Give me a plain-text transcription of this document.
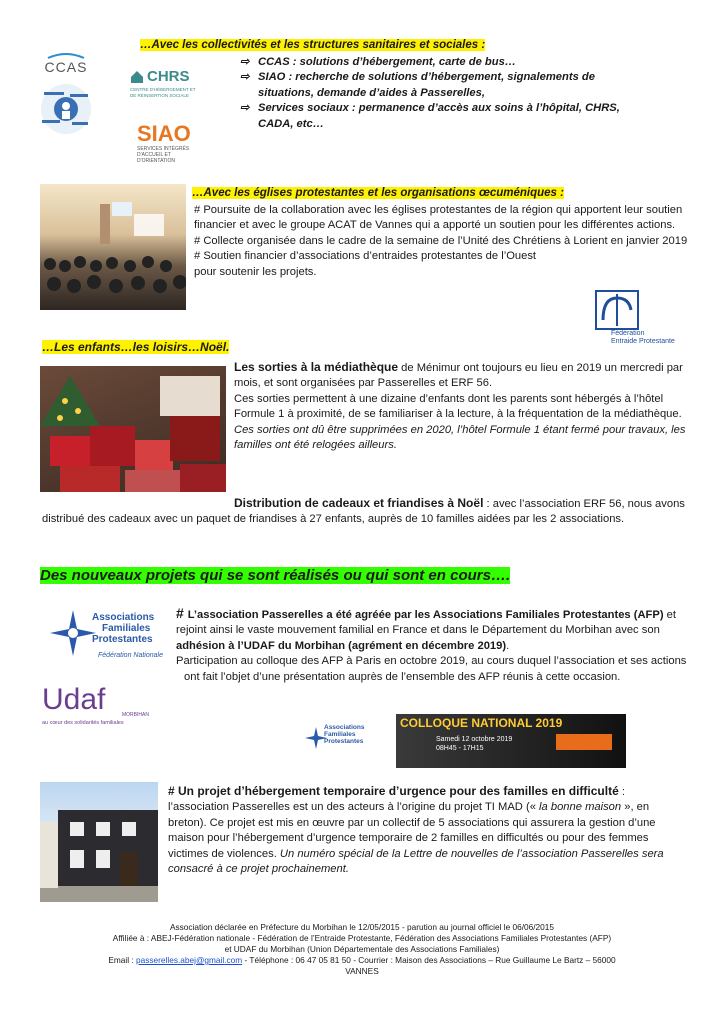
CCAS
CHRS
CENTRE D'HÉBERGEMENT ET DE RÉINSERTION SOCIALE
SIAO
SERVICES INTÉGRÉS D'ACCUEIL ET D'ORIENTATION
…Avec les collectivités et les structures sanitaires et sociales :
⇨ CCAS : solutions d’hébergement, carte de bus…
⇨ SIAO : recherche de solutions d’hébergement, signalements de situations, demande d’aides à Passerelles,
⇨ Services sociaux : permanence d’accès aux soins à l’hôpital, CHRS, CADA, etc…
…Avec les églises protestantes et les organisations œcuméniques :

# Poursuite de la collaboration avec les églises protestantes de la région qui apportent leur soutien financier et avec le groupe ACAT de Vannes qui a apporté un soutien pour les différentes actions.

# Collecte organisée dans le cadre de la semaine de l’Unité des Chrétiens à Lorient en janvier 2019

# Soutien financier d’associations d’entraides protestantes de l’Ouest pour soutenir les projets.

Fédération
Entraide Protestante
…Les enfants…les loisirs…Noël.

Les sorties à la médiathèque de Ménimur ont toujours eu lieu en 2019 un mercredi par mois, et sont organisées par Passerelles et ERF 56.

Ces sorties permettent à une dizaine d’enfants dont les parents sont hébergés à l’hôtel Formule 1 à proximité, de se familiariser à la lecture, à la fréquentation de la médiathèque.

Ces sorties ont dû être supprimées en 2020, l’hôtel Formule 1 étant fermé pour travaux, les familles ont été relogées ailleurs.

Distribution de cadeaux et friandises à Noël : avec l’association ERF 56, nous avons distribué des cadeaux avec un paquet de friandises à 27 enfants, auprès de 10 familles aidées par les 2 associations.

Des nouveaux projets qui se sont réalisés ou qui sont en cours….
Associations
Familiales
Protestantes
Fédération Nationale
Udaf	MORBIHAN
au cœur des solidarités familiales

# L’association Passerelles a été agréée par les Associations Familiales Protestantes (AFP) et rejoint ainsi le vaste mouvement familial en France et dans le Département du Morbihan avec son adhésion à l’UDAF du Morbihan (agrément en décembre 2019).

Participation au colloque des AFP à Paris en octobre 2019, au cours duquel l’association et ses actions ont fait l’objet d’une présentation auprès de l’ensemble des AFP réunis à cette occasion.

Associations
Familiales
Protestantes
COLLOQUE NATIONAL 2019
Samedi 12 octobre 2019
08H45 - 17H15

# Un projet d’hébergement temporaire d’urgence pour des familles en difficulté : l’association Passerelles est un des acteurs à l’origine du projet TI MAD (« la bonne maison », en breton). Ce projet est mis en œuvre par un collectif de 5 associations qui assurera la gestion d’une maison pour l’hébergement d’urgence temporaire de 2 familles en difficultés ou pour des femmes victimes de violences. Un numéro spécial de la Lettre de nouvelles de l’association Passerelles sera consacré à ce projet prochainement.

Association déclarée en Préfecture du Morbihan le 12/05/2015 - parution au journal officiel le 06/06/2015
Affiliée à : ABEJ-Fédération nationale - Fédération de l’Entraide Protestante, Fédération des Associations Familiales Protestantes (AFP)
et UDAF du Morbihan (Union Départementale des Associations Familiales)
Email : passerelles.abej@gmail.com - Téléphone : 06 47 05 81 50 - Courrier : Maison des Associations – Rue Guillaume Le Bartz – 56000
VANNES
